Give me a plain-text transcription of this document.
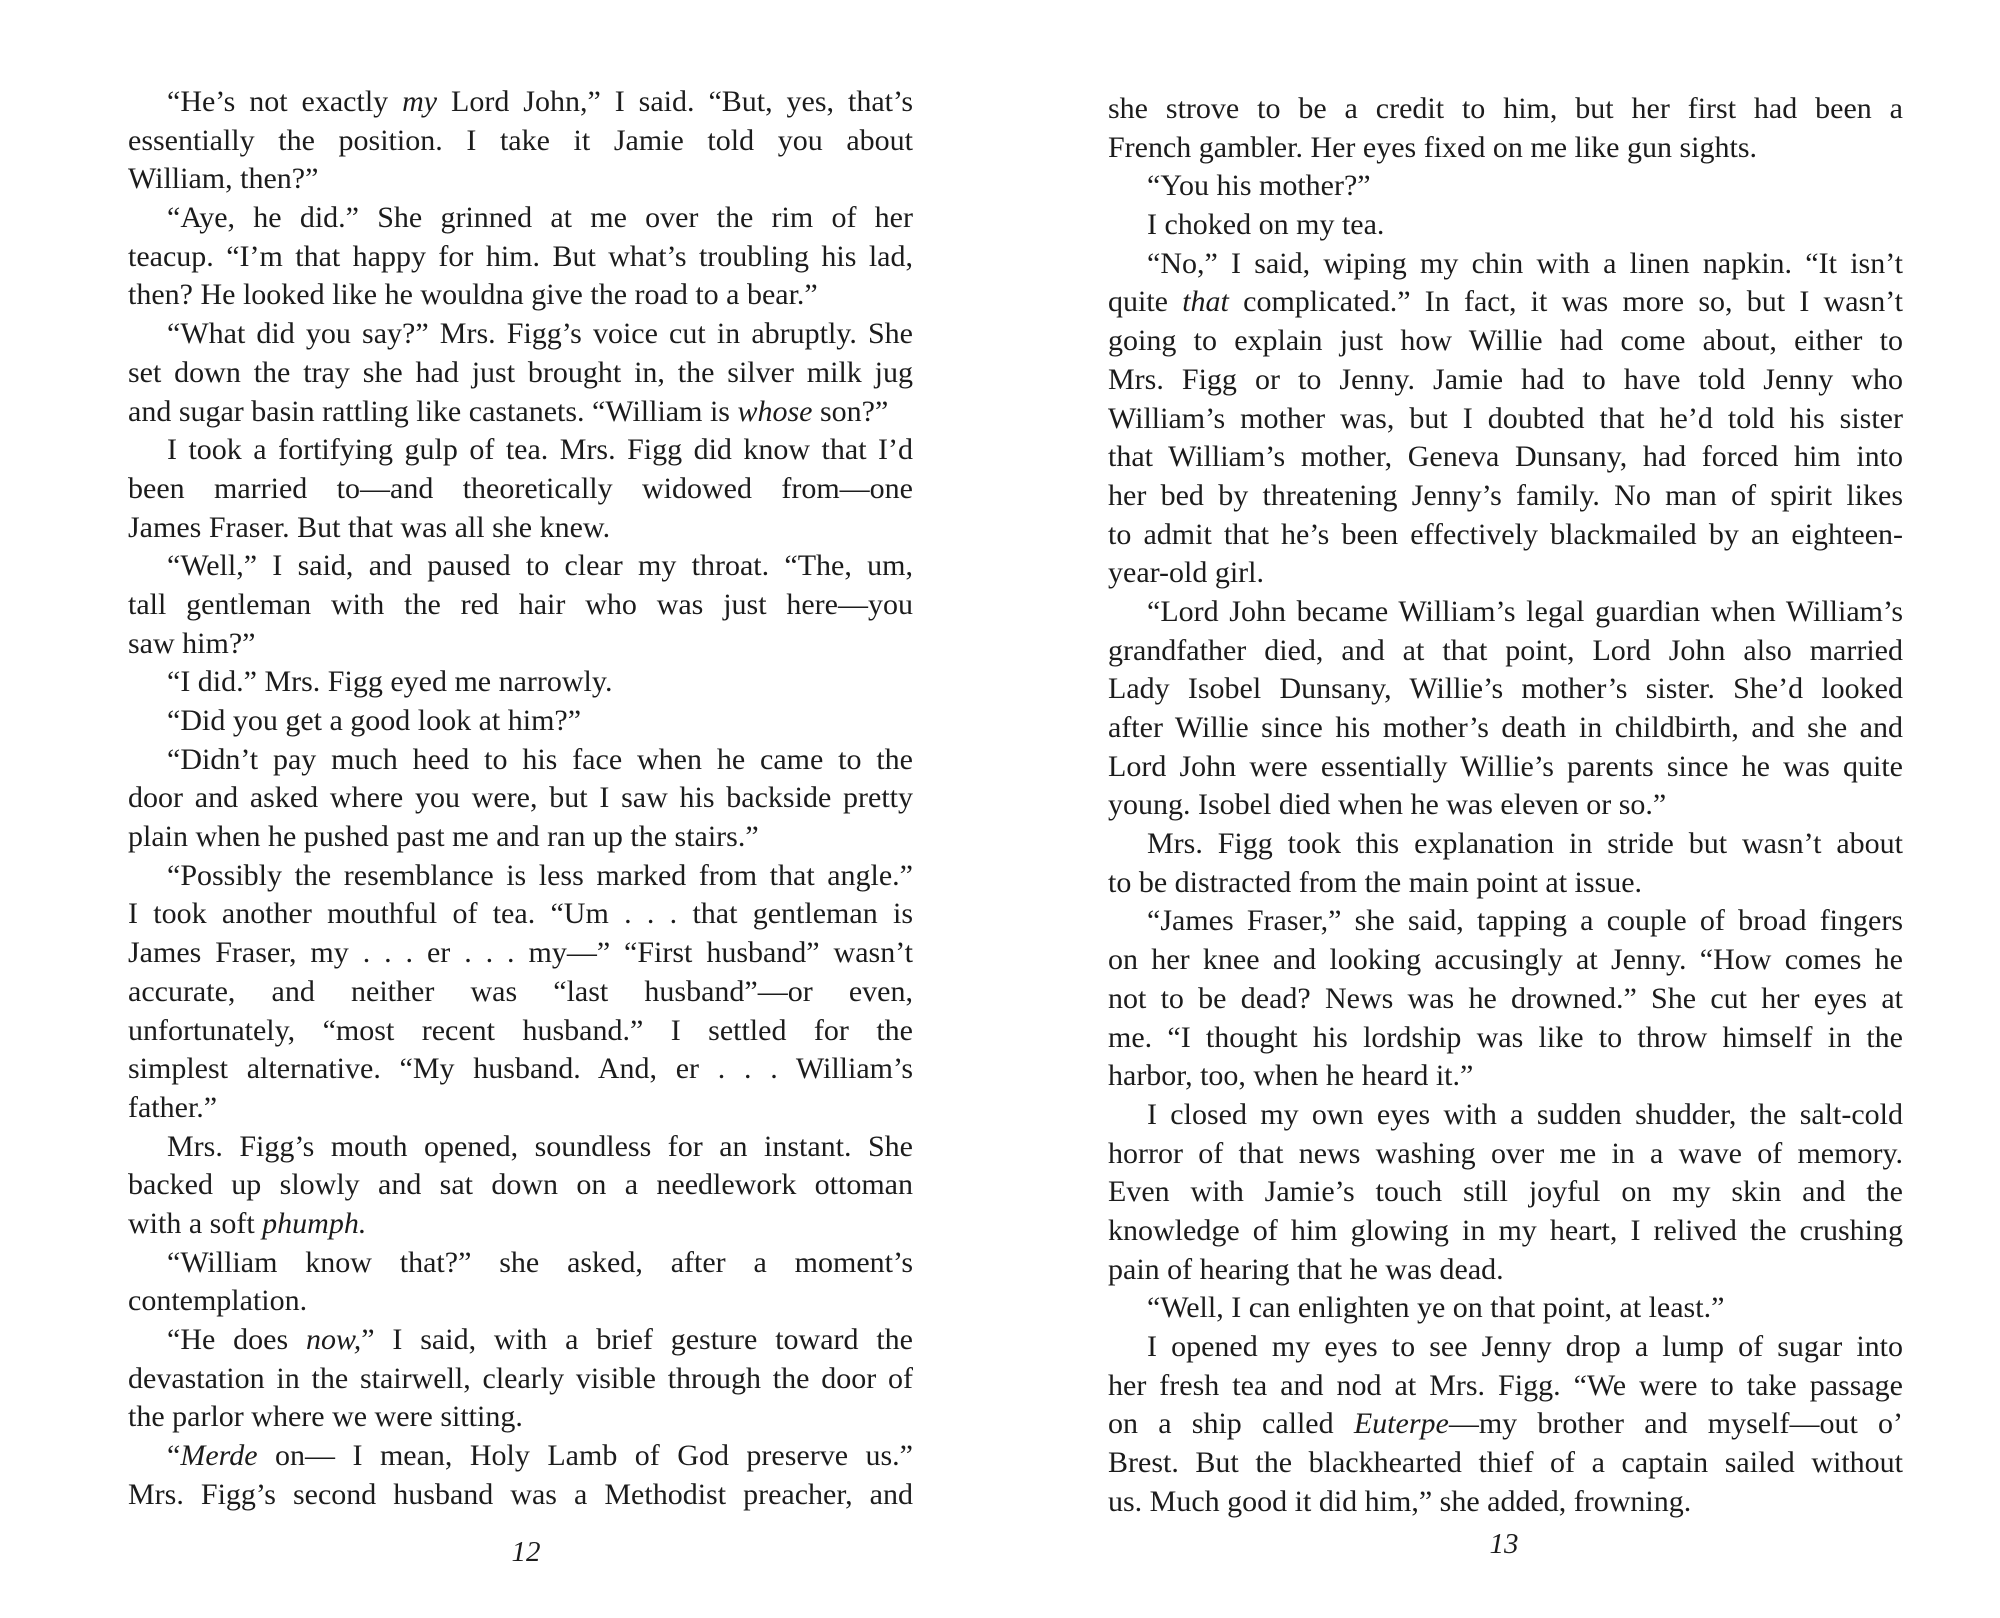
“He’s not exactly my Lord John,” I said. “But, yes, that’s
essentially the position. I take it Jamie told you about
William, then?”
“Aye, he did.” She grinned at me over the rim of her
teacup. “I’m that happy for him. But what’s troubling his lad,
then? He looked like he wouldna give the road to a bear.”
“What did you say?” Mrs. Figg’s voice cut in abruptly. She
set down the tray she had just brought in, the silver milk jug
and sugar basin rattling like castanets. “William is whose son?”
I took a fortifying gulp of tea. Mrs. Figg did know that I’d
been married to—and theoretically widowed from—one
James Fraser. But that was all she knew.
“Well,” I said, and paused to clear my throat. “The, um,
tall gentleman with the red hair who was just here—you
saw him?”
“I did.” Mrs. Figg eyed me narrowly.
“Did you get a good look at him?”
“Didn’t pay much heed to his face when he came to the
door and asked where you were, but I saw his backside pretty
plain when he pushed past me and ran up the stairs.”
“Possibly the resemblance is less marked from that angle.”
I took another mouthful of tea. “Um . . . that gentleman is
James Fraser, my . . . er . . . my—” “First husband” wasn’t
accurate, and neither was “last husband”—or even,
unfortunately, “most recent husband.” I settled for the
simplest alternative. “My husband. And, er . . . William’s
father.”
Mrs. Figg’s mouth opened, soundless for an instant. She
backed up slowly and sat down on a needlework ottoman
with a soft phumph.
“William know that?” she asked, after a moment’s
contemplation.
“He does now,” I said, with a brief gesture toward the
devastation in the stairwell, clearly visible through the door of
the parlor where we were sitting.
“Merde on— I mean, Holy Lamb of God preserve us.”
Mrs. Figg’s second husband was a Methodist preacher, and
12
she strove to be a credit to him, but her first had been a
French gambler. Her eyes fixed on me like gun sights.
“You his mother?”
I choked on my tea.
“No,” I said, wiping my chin with a linen napkin. “It isn’t
quite that complicated.” In fact, it was more so, but I wasn’t
going to explain just how Willie had come about, either to
Mrs. Figg or to Jenny. Jamie had to have told Jenny who
William’s mother was, but I doubted that he’d told his sister
that William’s mother, Geneva Dunsany, had forced him into
her bed by threatening Jenny’s family. No man of spirit likes
to admit that he’s been effectively blackmailed by an eighteen-
year-old girl.
“Lord John became William’s legal guardian when William’s
grandfather died, and at that point, Lord John also married
Lady Isobel Dunsany, Willie’s mother’s sister. She’d looked
after Willie since his mother’s death in childbirth, and she and
Lord John were essentially Willie’s parents since he was quite
young. Isobel died when he was eleven or so.”
Mrs. Figg took this explanation in stride but wasn’t about
to be distracted from the main point at issue.
“James Fraser,” she said, tapping a couple of broad fingers
on her knee and looking accusingly at Jenny. “How comes he
not to be dead? News was he drowned.” She cut her eyes at
me. “I thought his lordship was like to throw himself in the
harbor, too, when he heard it.”
I closed my own eyes with a sudden shudder, the salt-cold
horror of that news washing over me in a wave of memory.
Even with Jamie’s touch still joyful on my skin and the
knowledge of him glowing in my heart, I relived the crushing
pain of hearing that he was dead.
“Well, I can enlighten ye on that point, at least.”
I opened my eyes to see Jenny drop a lump of sugar into
her fresh tea and nod at Mrs. Figg. “We were to take passage
on a ship called Euterpe—my brother and myself—out o’
Brest. But the blackhearted thief of a captain sailed without
us. Much good it did him,” she added, frowning.
13
